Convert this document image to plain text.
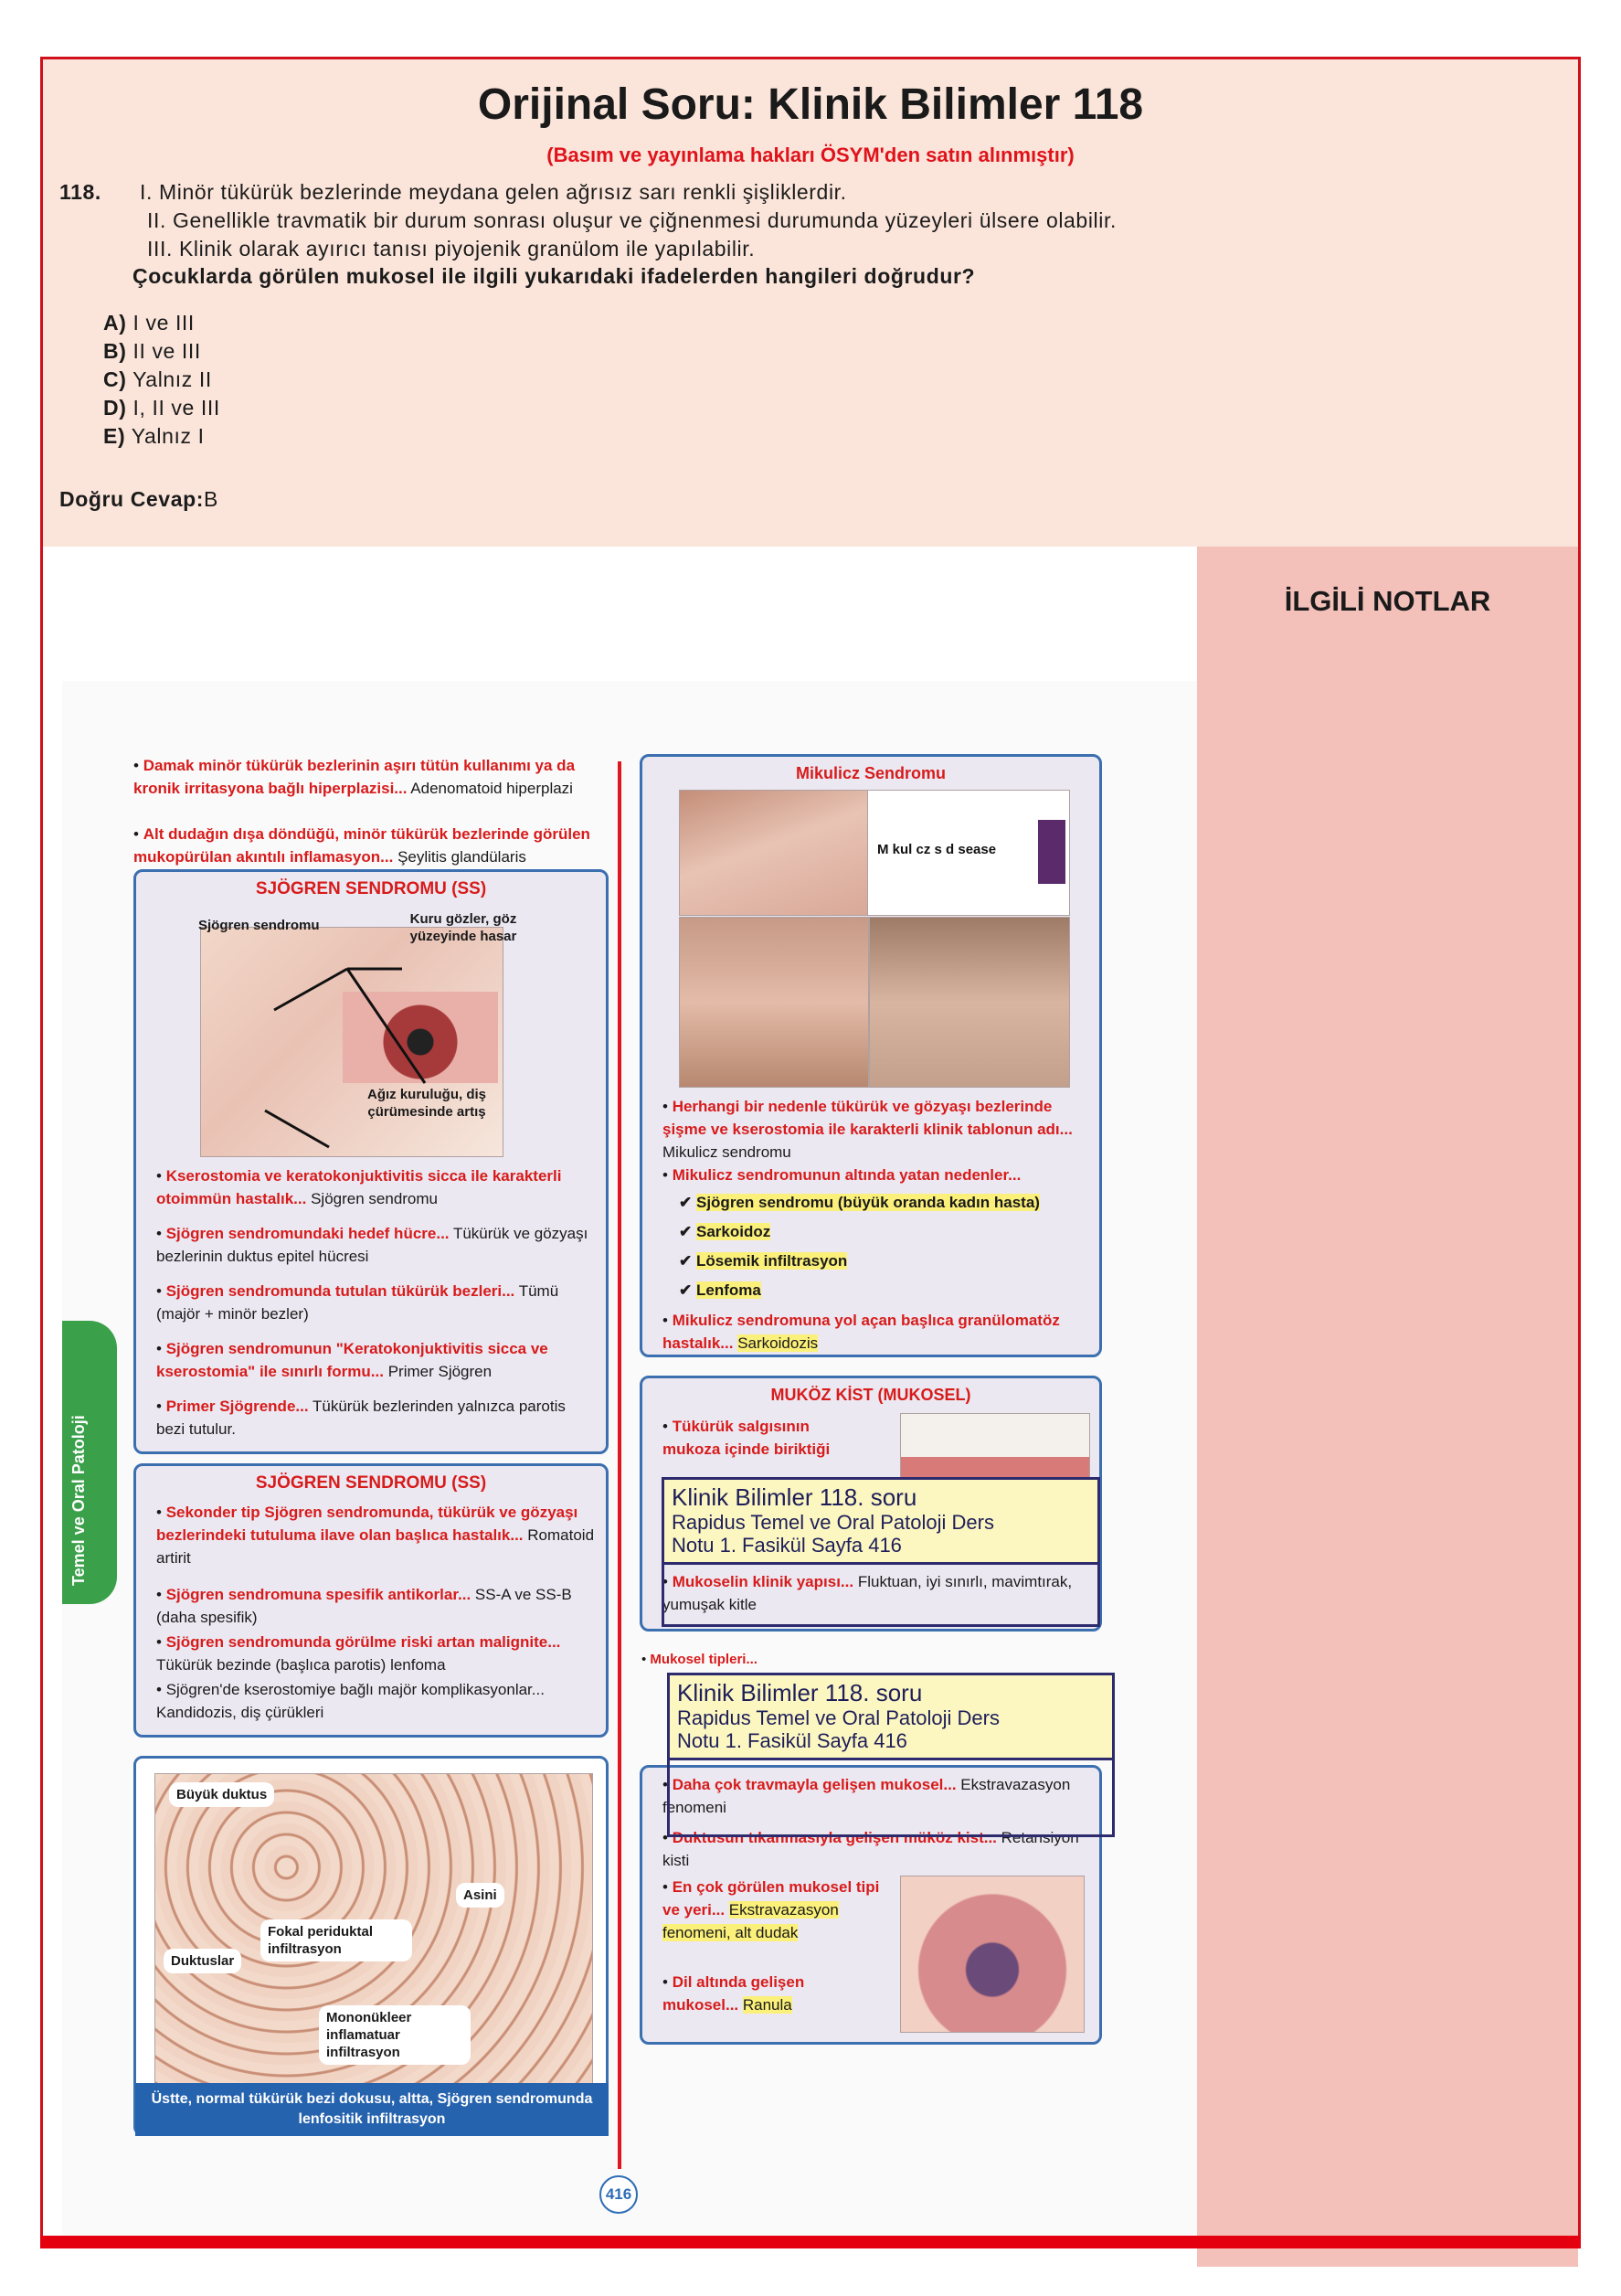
Orijinal Soru: Klinik Bilimler 118
(Basım ve yayınlama hakları ÖSYM'den satın alınmıştır)
118. I. Minör tükürük bezlerinde meydana gelen ağrısız sarı renkli şişliklerdir.
II. Genellikle travmatik bir durum sonrası oluşur ve çiğnenmesi durumunda yüzeyleri ülsere olabilir.
III. Klinik olarak ayırıcı tanısı piyojenik granülom ile yapılabilir.
Çocuklarda görülen mukosel ile ilgili yukarıdaki ifadelerden hangileri doğrudur?
A) I ve III
B) II ve III
C) Yalnız II
D) I, II ve III
E) Yalnız I
Doğru Cevap:B
İLGİLİ NOTLAR
Temel ve Oral Patoloji
• Damak minör tükürük bezlerinin aşırı tütün kullanımı ya da kronik irritasyona bağlı hiperplazisi... Adenomatoid hiperplazi
• Alt dudağın dışa döndüğü, minör tükürük bezlerinde görülen mukopürülan akıntılı inflamasyon... Şeylitis glandülaris
SJÖGREN SENDROMU (SS)
Sjögren sendromu	Kuru gözler, göz yüzeyinde hasar
Ağız kuruluğu, diş çürümesinde artış
• Kserostomia ve keratokonjuktivitis sicca ile karakterli otoimmün hastalık... Sjögren sendromu
• Sjögren sendromundaki hedef hücre... Tükürük ve gözyaşı bezlerinin duktus epitel hücresi
• Sjögren sendromunda tutulan tükürük bezleri... Tümü (majör + minör bezler)
• Sjögren sendromunun "Keratokonjuktivitis sicca ve kserostomia" ile sınırlı formu... Primer Sjögren
• Primer Sjögrende... Tükürük bezlerinden yalnızca parotis bezi tutulur.
SJÖGREN SENDROMU (SS)
• Sekonder tip Sjögren sendromunda, tükürük ve gözyaşı bezlerindeki tutuluma ilave olan başlıca hastalık... Romatoid artirit
• Sjögren sendromuna spesifik antikorlar... SS-A ve SS-B (daha spesifik)
• Sjögren sendromunda görülme riski artan malignite... Tükürük bezinde (başlıca parotis) lenfoma
• Sjögren'de kserostomiye bağlı majör komplikasyonlar... Kandidozis, diş çürükleri
Büyük duktus
Asini
Fokal periduktal infiltrasyon
Duktuslar
Mononükleer inflamatuar infiltrasyon
Üstte, normal tükürük bezi dokusu, altta, Sjögren sendromunda lenfositik infiltrasyon
Mikulicz Sendromu
M kul cz s d sease
• Herhangi bir nedenle tükürük ve gözyaşı bezlerinde şişme ve kserostomia ile karakterli klinik tablonun adı... Mikulicz sendromu
• Mikulicz sendromunun altında yatan nedenler...
✔ Sjögren sendromu (büyük oranda kadın hasta)
✔ Sarkoidoz
✔ Lösemik infiltrasyon
✔ Lenfoma
• Mikulicz sendromuna yol açan başlıca granülomatöz hastalık... Sarkoidozis
MUKÖZ KİST (MUKOSEL)
• Tükürük salgısının mukoza içinde biriktiği
• Mukoselin klinik yapısı... Fluktuan, iyi sınırlı, mavimtırak, yumuşak kitle
• Mukosel tipleri...
• Daha çok travmayla gelişen mukosel... Ekstravazasyon fenomeni
• Duktusun tıkanmasıyla gelişen müköz kist... Retansiyon kisti
• En çok görülen mukosel tipi ve yeri... Ekstravazasyon fenomeni, alt dudak
• Dil altında gelişen mukosel... Ranula
416
Klinik Bilimler 118. soru
Rapidus Temel ve Oral Patoloji Ders
Notu 1. Fasikül Sayfa 416
Klinik Bilimler 118. soru
Rapidus Temel ve Oral Patoloji Ders
Notu 1. Fasikül Sayfa 416
